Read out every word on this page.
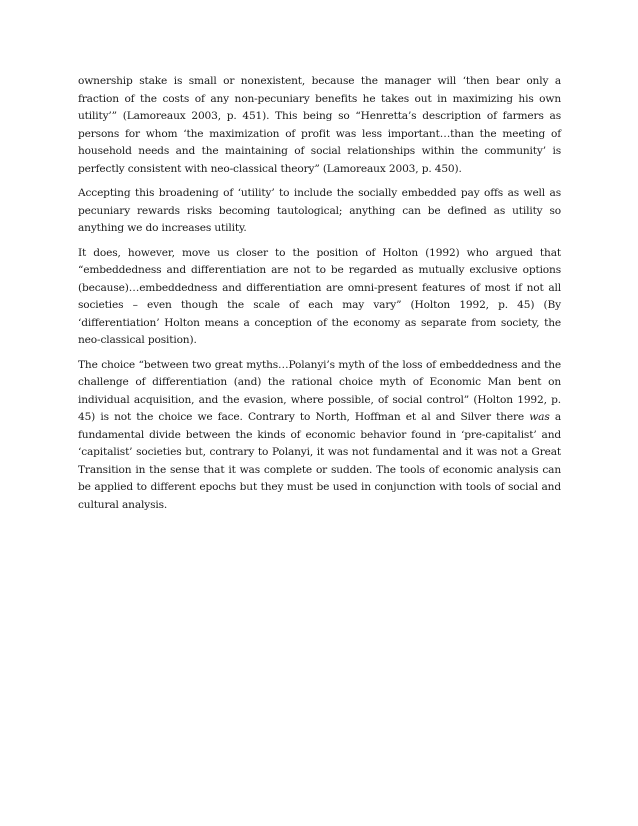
ownership stake is small or nonexistent, because the manager will ‘then bear only a fraction of the costs of any non-pecuniary benefits he takes out in maximizing his own utility’” (Lamoreaux 2003, p. 451). This being so “Henretta’s description of farmers as persons for whom ‘the maximization of profit was less important…than the meeting of household needs and the maintaining of social relationships within the community’ is perfectly consistent with neo-classical theory” (Lamoreaux 2003, p. 450).

Accepting this broadening of ‘utility’ to include the socially embedded pay offs as well as pecuniary rewards risks becoming tautological; anything can be defined as utility so anything we do increases utility.

It does, however, move us closer to the position of Holton (1992) who argued that “embeddedness and differentiation are not to be regarded as mutually exclusive options (because)…embeddedness and differentiation are omni-present features of most if not all societies – even though the scale of each may vary” (Holton 1992, p. 45) (By ‘differentiation’ Holton means a conception of the economy as separate from society, the neo-classical position).

The choice “between two great myths…Polanyi’s myth of the loss of embeddedness and the challenge of differentiation (and) the rational choice myth of Economic Man bent on individual acquisition, and the evasion, where possible, of social control” (Holton 1992, p. 45) is not the choice we face. Contrary to North, Hoffman et al and Silver there was a fundamental divide between the kinds of economic behavior found in ‘pre-capitalist’ and ‘capitalist’ societies but, contrary to Polanyi, it was not fundamental and it was not a Great Transition in the sense that it was complete or sudden. The tools of economic analysis can be applied to different epochs but they must be used in conjunction with tools of social and cultural analysis.
